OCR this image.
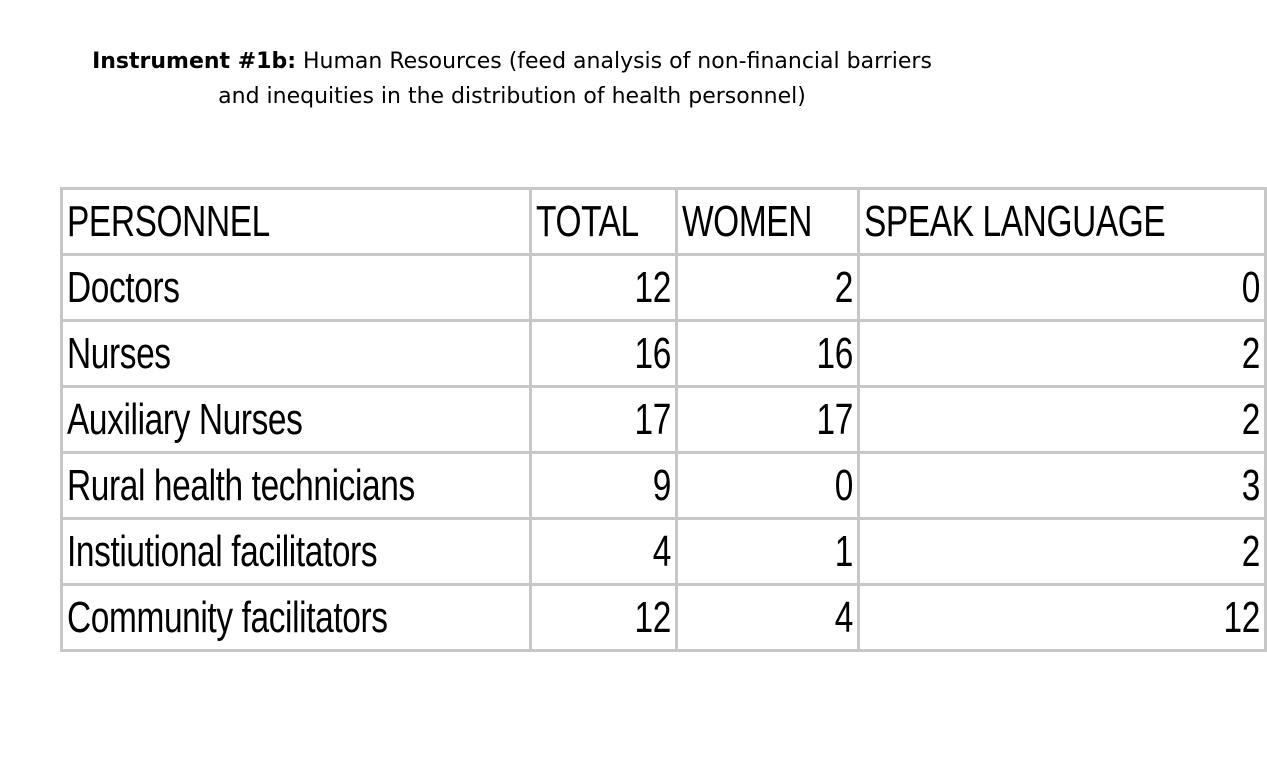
Instrument #1b: Human Resources (feed analysis of non-financial barriers and inequities in the distribution of health personnel)
PERSONNEL	TOTAL	WOMEN	SPEAK LANGUAGE
Doctors	12	2	0
Nurses	16	16	2
Auxiliary Nurses	17	17	2
Rural health technicians	9	0	3
Instiutional facilitators	4	1	2
Community facilitators	12	4	12
